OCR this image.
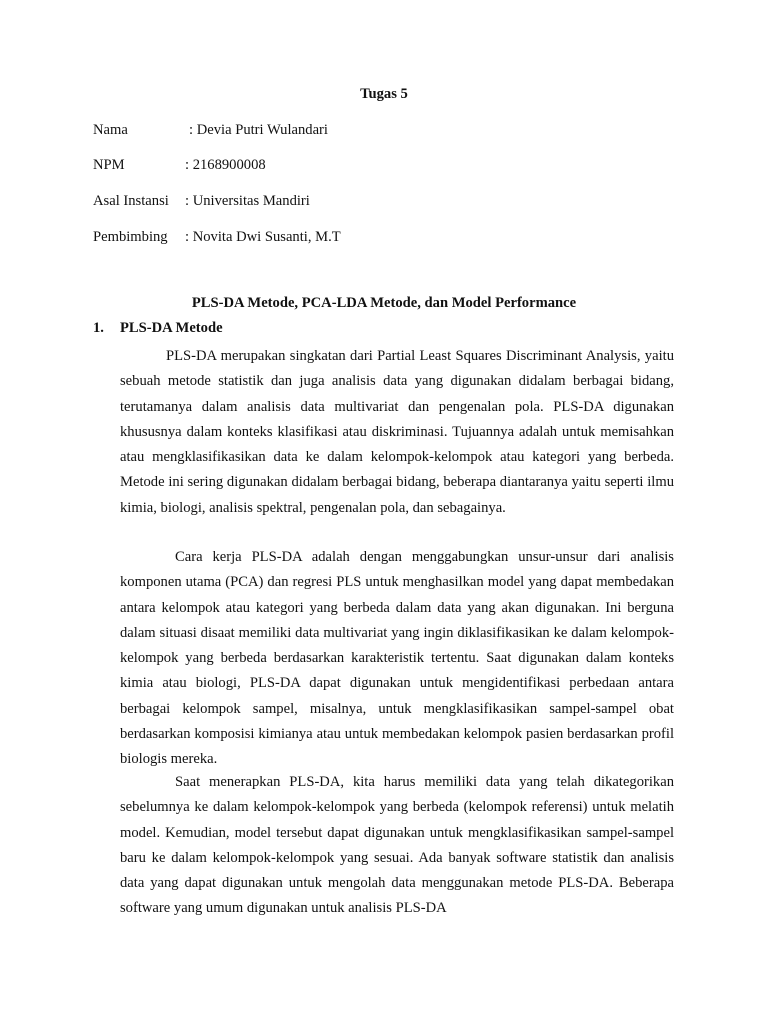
Tugas 5
Nama	: Devia Putri Wulandari
NPM	: 2168900008
Asal Instansi : Universitas Mandiri
Pembimbing : Novita Dwi Susanti, M.T
PLS-DA Metode, PCA-LDA Metode, dan Model Performance
1. PLS-DA Metode

PLS-DA merupakan singkatan dari Partial Least Squares Discriminant Analysis, yaitu sebuah metode statistik dan juga analisis data yang digunakan didalam berbagai bidang, terutamanya dalam analisis data multivariat dan pengenalan pola. PLS-DA digunakan khususnya dalam konteks klasifikasi atau diskriminasi. Tujuannya adalah untuk memisahkan atau mengklasifikasikan data ke dalam kelompok-kelompok atau kategori yang berbeda. Metode ini sering digunakan didalam berbagai bidang, beberapa diantaranya yaitu seperti ilmu kimia, biologi, analisis spektral, pengenalan pola, dan sebagainya.

Cara kerja PLS-DA adalah dengan menggabungkan unsur-unsur dari analisis komponen utama (PCA) dan regresi PLS untuk menghasilkan model yang dapat membedakan antara kelompok atau kategori yang berbeda dalam data yang akan digunakan. Ini berguna dalam situasi disaat memiliki data multivariat yang ingin diklasifikasikan ke dalam kelompok-kelompok yang berbeda berdasarkan karakteristik tertentu. Saat digunakan dalam konteks kimia atau biologi, PLS-DA dapat digunakan untuk mengidentifikasi perbedaan antara berbagai kelompok sampel, misalnya, untuk mengklasifikasikan sampel-sampel obat berdasarkan komposisi kimianya atau untuk membedakan kelompok pasien berdasarkan profil biologis mereka.

Saat menerapkan PLS-DA, kita harus memiliki data yang telah dikategorikan sebelumnya ke dalam kelompok-kelompok yang berbeda (kelompok referensi) untuk melatih model. Kemudian, model tersebut dapat digunakan untuk mengklasifikasikan sampel-sampel baru ke dalam kelompok-kelompok yang sesuai. Ada banyak software statistik dan analisis data yang dapat digunakan untuk mengolah data menggunakan metode PLS-DA. Beberapa software yang umum digunakan untuk analisis PLS-DA
